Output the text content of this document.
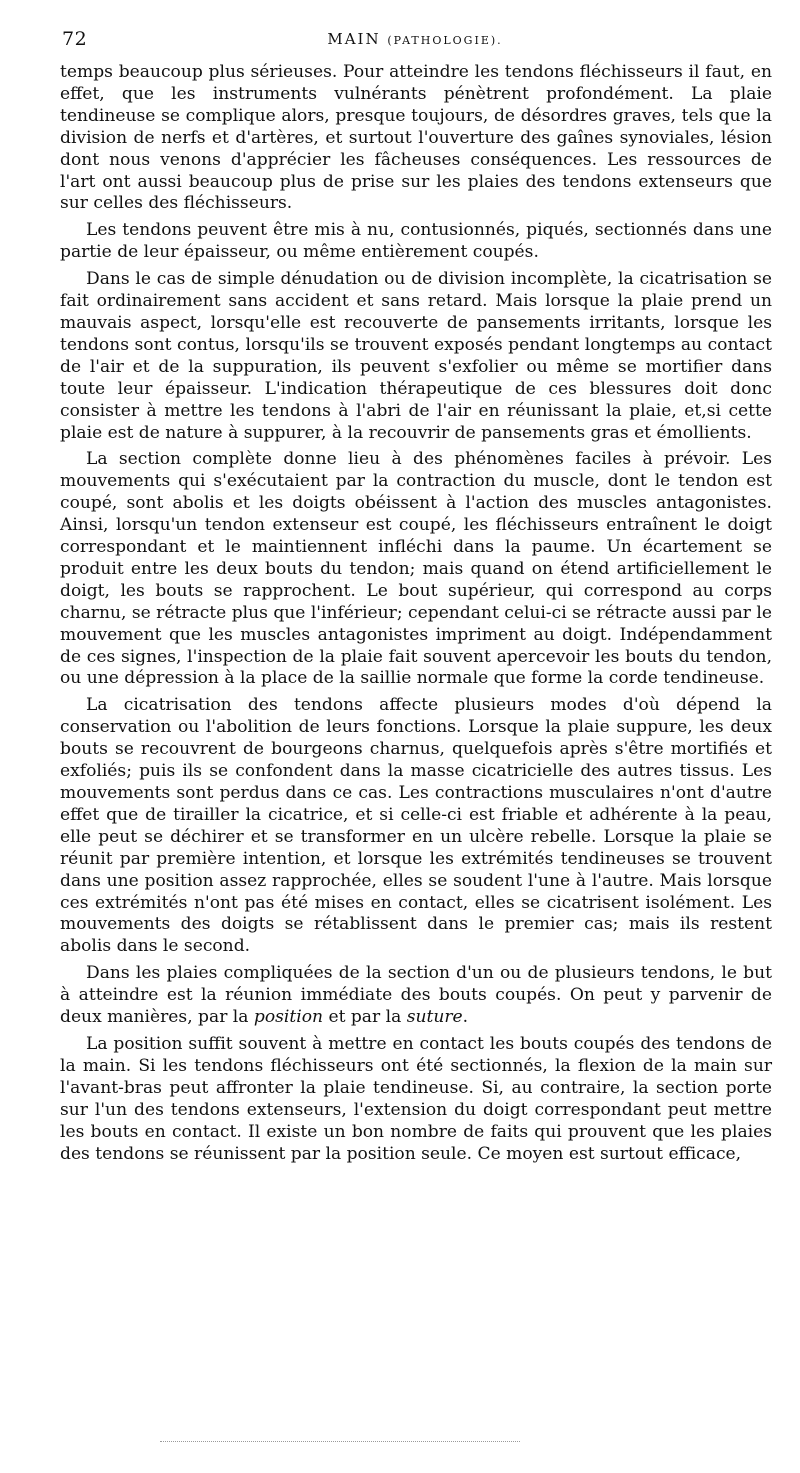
72	MAIN (PATHOLOGIE).

temps beaucoup plus sérieuses. Pour atteindre les tendons fléchisseurs il faut, en effet, que les instruments vulnérants pénètrent profondément. La plaie tendineuse se complique alors, presque toujours, de désordres graves, tels que la division de nerfs et d'artères, et surtout l'ouverture des gaînes synoviales, lésion dont nous venons d'apprécier les fâcheuses conséquences. Les ressources de l'art ont aussi beaucoup plus de prise sur les plaies des tendons extenseurs que sur celles des fléchisseurs.

Les tendons peuvent être mis à nu, contusionnés, piqués, sectionnés dans une partie de leur épaisseur, ou même entièrement coupés.

Dans le cas de simple dénudation ou de division incomplète, la cicatrisation se fait ordinairement sans accident et sans retard. Mais lorsque la plaie prend un mauvais aspect, lorsqu'elle est recouverte de pansements irritants, lorsque les tendons sont contus, lorsqu'ils se trouvent exposés pendant longtemps au contact de l'air et de la suppuration, ils peuvent s'exfolier ou même se mortifier dans toute leur épaisseur. L'indication thérapeutique de ces blessures doit donc consister à mettre les tendons à l'abri de l'air en réunissant la plaie, et,si cette plaie est de nature à suppurer, à la recouvrir de pansements gras et émollients.

La section complète donne lieu à des phénomènes faciles à prévoir. Les mouvements qui s'exécutaient par la contraction du muscle, dont le tendon est coupé, sont abolis et les doigts obéissent à l'action des muscles antagonistes. Ainsi, lorsqu'un tendon extenseur est coupé, les fléchisseurs entraînent le doigt correspondant et le maintiennent infléchi dans la paume. Un écartement se produit entre les deux bouts du tendon; mais quand on étend artificiellement le doigt, les bouts se rapprochent. Le bout supérieur, qui correspond au corps charnu, se rétracte plus que l'inférieur; cependant celui-ci se rétracte aussi par le mouvement que les muscles antagonistes impriment au doigt. Indépendamment de ces signes, l'inspection de la plaie fait souvent apercevoir les bouts du tendon, ou une dépression à la place de la saillie normale que forme la corde tendineuse.

La cicatrisation des tendons affecte plusieurs modes d'où dépend la conservation ou l'abolition de leurs fonctions. Lorsque la plaie suppure, les deux bouts se recouvrent de bourgeons charnus, quelquefois après s'être mortifiés et exfoliés; puis ils se confondent dans la masse cicatricielle des autres tissus. Les mouvements sont perdus dans ce cas. Les contractions musculaires n'ont d'autre effet que de tirailler la cicatrice, et si celle-ci est friable et adhérente à la peau, elle peut se déchirer et se transformer en un ulcère rebelle. Lorsque la plaie se réunit par première intention, et lorsque les extrémités tendineuses se trouvent dans une position assez rapprochée, elles se soudent l'une à l'autre. Mais lorsque ces extrémités n'ont pas été mises en contact, elles se cicatrisent isolément. Les mouvements des doigts se rétablissent dans le premier cas; mais ils restent abolis dans le second.

Dans les plaies compliquées de la section d'un ou de plusieurs tendons, le but à atteindre est la réunion immédiate des bouts coupés. On peut y parvenir de deux manières, par la position et par la suture.

La position suffit souvent à mettre en contact les bouts coupés des tendons de la main. Si les tendons fléchisseurs ont été sectionnés, la flexion de la main sur l'avant-bras peut affronter la plaie tendineuse. Si, au contraire, la section porte sur l'un des tendons extenseurs, l'extension du doigt correspondant peut mettre les bouts en contact. Il existe un bon nombre de faits qui prouvent que les plaies des tendons se réunissent par la position seule. Ce moyen est surtout efficace,
